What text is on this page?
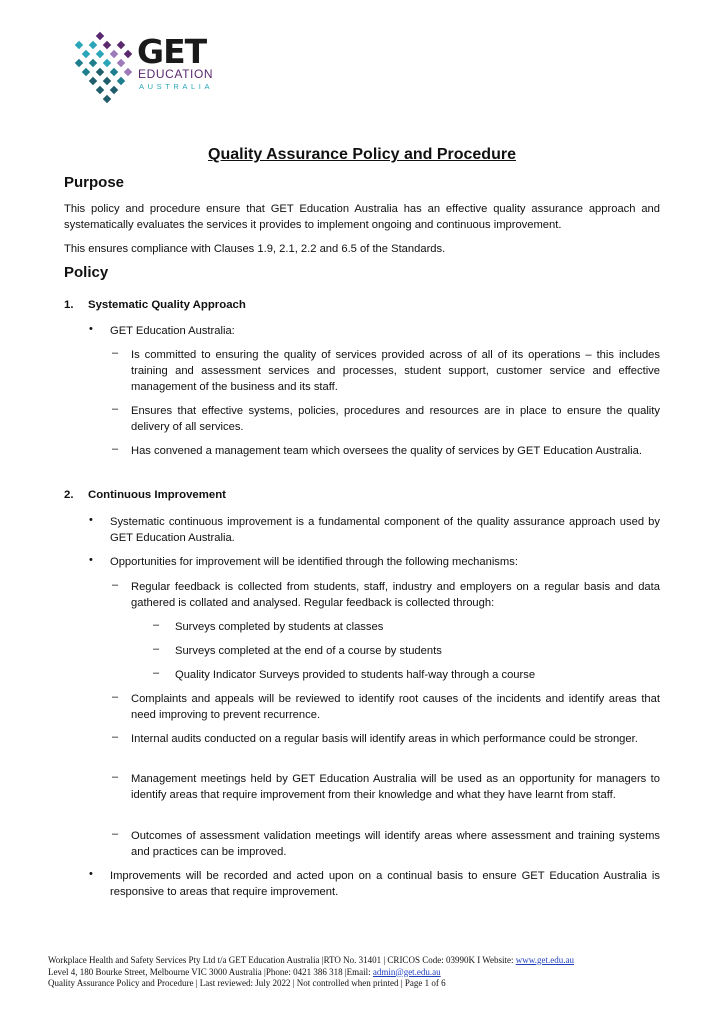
GET
EDUCATION
AUSTRALIA
Quality Assurance Policy and Procedure
Purpose
This policy and procedure ensure that GET Education Australia has an effective quality assurance approach and systematically evaluates the services it provides to implement ongoing and continuous improvement.
This ensures compliance with Clauses 1.9, 2.1, 2.2 and 6.5 of the Standards.
Policy
1. Systematic Quality Approach
• GET Education Australia:
– Is committed to ensuring the quality of services provided across of all of its operations – this includes training and assessment services and processes, student support, customer service and effective management of the business and its staff.
– Ensures that effective systems, policies, procedures and resources are in place to ensure the quality delivery of all services.
– Has convened a management team which oversees the quality of services by GET Education Australia.
2. Continuous Improvement
• Systematic continuous improvement is a fundamental component of the quality assurance approach used by GET Education Australia.
• Opportunities for improvement will be identified through the following mechanisms:
– Regular feedback is collected from students, staff, industry and employers on a regular basis and data gathered is collated and analysed. Regular feedback is collected through:
– Surveys completed by students at classes
– Surveys completed at the end of a course by students
– Quality Indicator Surveys provided to students half-way through a course
– Complaints and appeals will be reviewed to identify root causes of the incidents and identify areas that need improving to prevent recurrence.
– Internal audits conducted on a regular basis will identify areas in which performance could be stronger.
– Management meetings held by GET Education Australia will be used as an opportunity for managers to identify areas that require improvement from their knowledge and what they have learnt from staff.
– Outcomes of assessment validation meetings will identify areas where assessment and training systems and practices can be improved.
• Improvements will be recorded and acted upon on a continual basis to ensure GET Education Australia is responsive to areas that require improvement.
Workplace Health and Safety Services Pty Ltd t/a GET Education Australia |RTO No. 31401 | CRICOS Code: 03990K I Website: www.get.edu.au
Level 4, 180 Bourke Street, Melbourne VIC 3000 Australia |Phone: 0421 386 318 |Email: admin@get.edu.au
Quality Assurance Policy and Procedure | Last reviewed: July 2022 | Not controlled when printed | Page 1 of 6
